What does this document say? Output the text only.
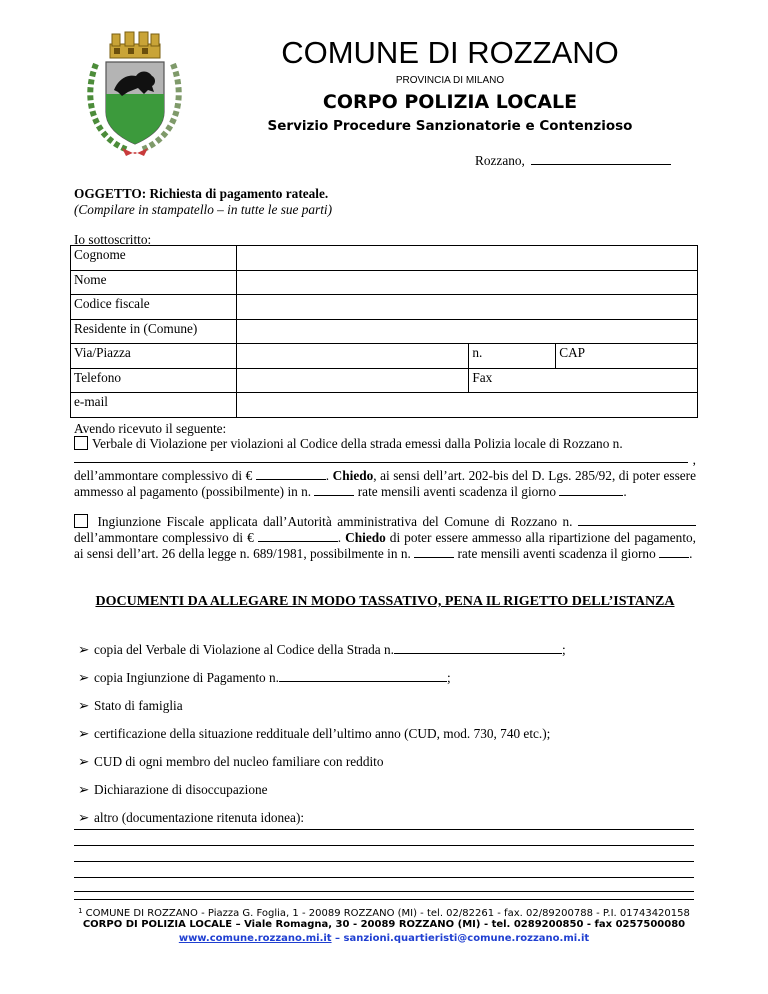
COMUNE DI ROZZANO
PROVINCIA DI MILANO
CORPO POLIZIA LOCALE
Servizio Procedure Sanzionatorie e Contenzioso
Rozzano,
OGGETTO: Richiesta di pagamento rateale.
(Compilare in stampatello – in tutte le sue parti)
Io sottoscritto:
Cognome			
Nome			
Codice fiscale			
Residente in (Comune)			
Via/Piazza		n.	CAP
Telefono		Fax	
e-mail			
Avendo ricevuto il seguente:
Verbale di Violazione per violazioni al Codice della strada emessi dalla Polizia locale di Rozzano n.
,
dell’ammontare complessivo di €	. Chiedo, ai sensi dell’art. 202-bis del D. Lgs. 285/92, di poter essere ammesso al pagamento (possibilmente) in n.	rate mensili aventi scadenza il giorno	.
Ingiunzione Fiscale applicata dall’Autorità amministrativa del Comune di Rozzano n.  dell’ammontare complessivo di €	. Chiedo di poter essere ammesso alla ripartizione del pagamento, ai sensi dell’art. 26 della legge n. 689/1981, possibilmente in n.	rate mensili aventi scadenza il giorno	.
DOCUMENTI DA ALLEGARE IN MODO TASSATIVO, PENA IL RIGETTO DELL’ISTANZA
➢ copia del Verbale di Violazione al Codice della Strada n.	;
➢ copia Ingiunzione di Pagamento n.	;
➢ Stato di famiglia
➢ certificazione della situazione reddituale dell’ultimo anno (CUD, mod. 730, 740 etc.);
➢ CUD di ogni membro del nucleo familiare con reddito
➢ Dichiarazione di disoccupazione
➢ altro (documentazione ritenuta idonea):
$^1$ COMUNE DI ROZZANO - Piazza G. Foglia, 1 - 20089 ROZZANO (MI) - tel. 02/82261 - fax. 02/89200788 - P.I. 01743420158
CORPO DI POLIZIA LOCALE – Viale Romagna, 30 - 20089 ROZZANO (MI) - tel. 0289200850 - fax 0257500080
www.comune.rozzano.mi.it – sanzioni.quartieristi@comune.rozzano.mi.it
